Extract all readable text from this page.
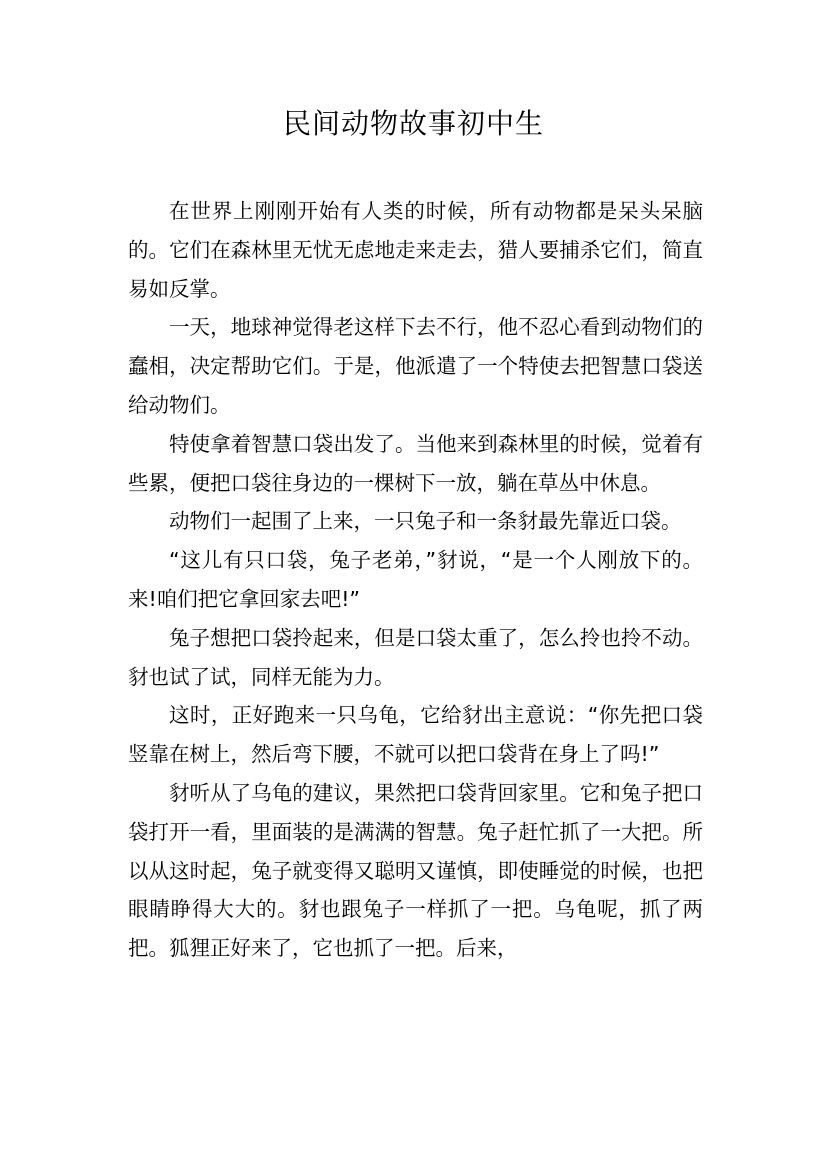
民间动物故事初中生

在世界上刚刚开始有人类的时候，所有动物都是呆头呆脑的。它们在森林里无忧无虑地走来走去，猎人要捕杀它们，简直易如反掌。

一天，地球神觉得老这样下去不行，他不忍心看到动物们的蠢相，决定帮助它们。于是，他派遣了一个特使去把智慧口袋送给动物们。

特使拿着智慧口袋出发了。当他来到森林里的时候，觉着有些累，便把口袋往身边的一棵树下一放，躺在草丛中休息。

动物们一起围了上来，一只兔子和一条豺最先靠近口袋。

“这儿有只口袋，兔子老弟，”豺说，“是一个人刚放下的。来!咱们把它拿回家去吧!”

兔子想把口袋拎起来，但是口袋太重了，怎么拎也拎不动。豺也试了试，同样无能为力。

这时，正好跑来一只乌龟，它给豺出主意说：“你先把口袋竖靠在树上，然后弯下腰，不就可以把口袋背在身上了吗!”

豺听从了乌龟的建议，果然把口袋背回家里。它和兔子把口袋打开一看，里面装的是满满的智慧。兔子赶忙抓了一大把。所以从这时起，兔子就变得又聪明又谨慎，即使睡觉的时候，也把眼睛睁得大大的。豺也跟兔子一样抓了一把。乌龟呢，抓了两把。狐狸正好来了，它也抓了一把。后来，
